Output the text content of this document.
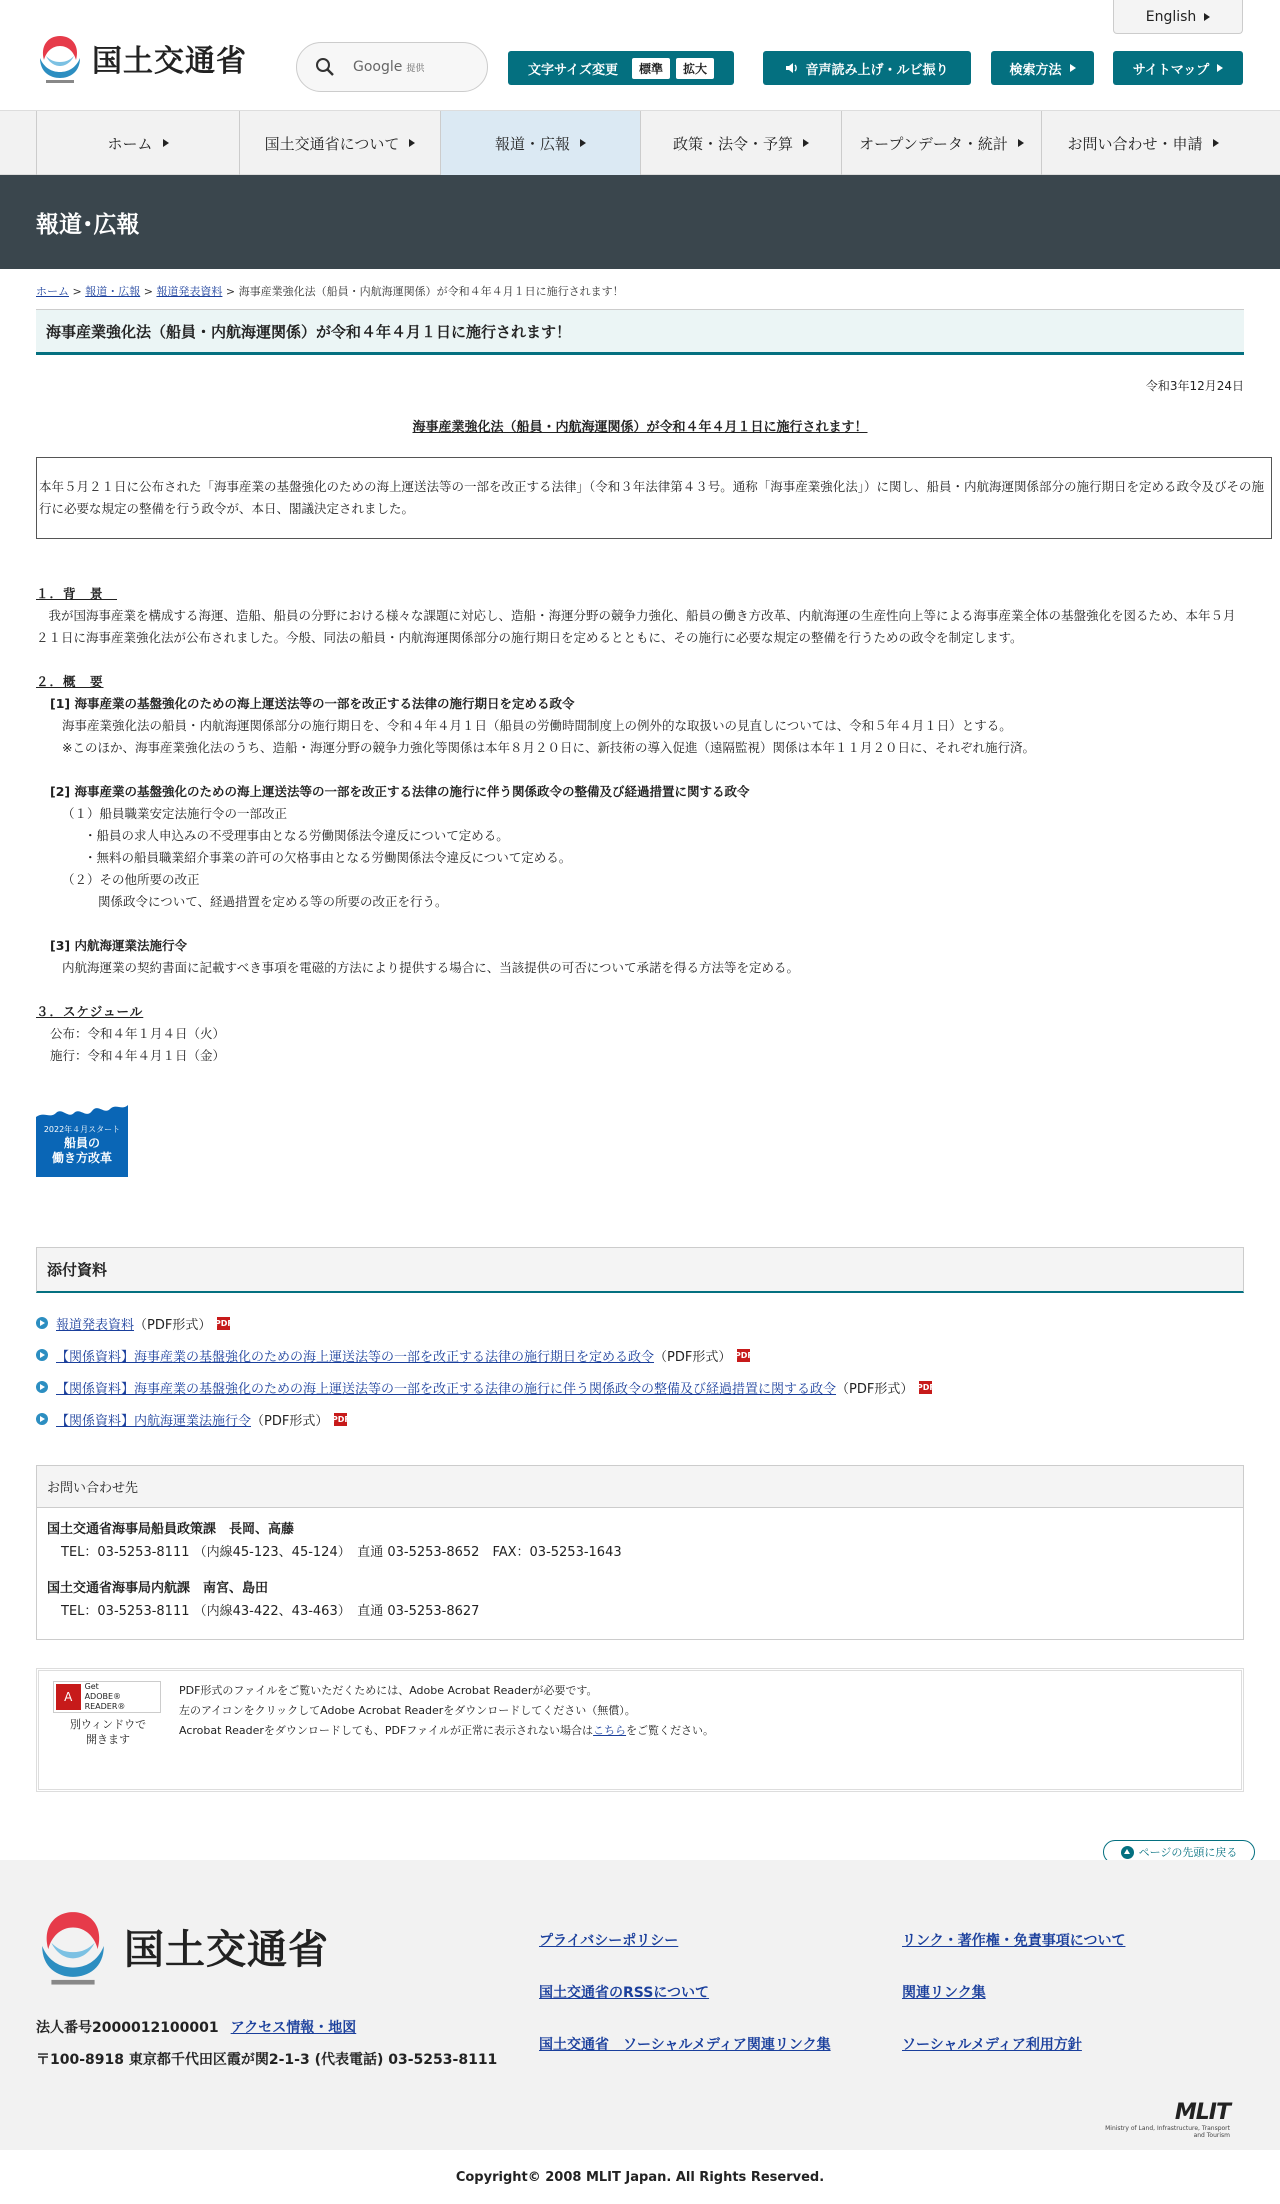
国土交通省	Google 提供
English
文字サイズ変更	標準	拡大	音声読み上げ・ルビ振り	検索方法	サイトマップ
ホーム	国土交通省について	報道・広報	政策・法令・予算	オープンデータ・統計	お問い合わせ・申請
報道･広報
ホーム > 報道・広報 > 報道発表資料 > 海事産業強化法（船員・内航海運関係）が令和４年４月１日に施行されます！
海事産業強化法（船員・内航海運関係）が令和４年４月１日に施行されます！
令和3年12月24日
海事産業強化法（船員・内航海運関係）が令和４年４月１日に施行されます！
本年５月２１日に公布された「海事産業の基盤強化のための海上運送法等の一部を改正する法律」（令和３年法律第４３号。通称「海事産業強化法」）に関し、船員・内航海運関係部分の施行期日を定める政令及びその施行に必要な規定の整備を行う政令が、本日、閣議決定されました。
１．背　景　
　我が国海事産業を構成する海運、造船、船員の分野における様々な課題に対応し、造船・海運分野の競争力強化、船員の働き方改革、内航海運の生産性向上等による海事産業全体の基盤強化を図るため、本年５月２１日に海事産業強化法が公布されました。今般、同法の船員・内航海運関係部分の施行期日を定めるとともに、その施行に必要な規定の整備を行うための政令を制定します。
２．概　要
[1] 海事産業の基盤強化のための海上運送法等の一部を改正する法律の施行期日を定める政令
海事産業強化法の船員・内航海運関係部分の施行期日を、令和４年４月１日（船員の労働時間制度上の例外的な取扱いの見直しについては、令和５年４月１日）とする。
※このほか、海事産業強化法のうち、造船・海運分野の競争力強化等関係は本年８月２０日に、新技術の導入促進（遠隔監視）関係は本年１１月２０日に、それぞれ施行済。
[2] 海事産業の基盤強化のための海上運送法等の一部を改正する法律の施行に伴う関係政令の整備及び経過措置に関する政令
（１）船員職業安定法施行令の一部改正
・船員の求人申込みの不受理事由となる労働関係法令違反について定める。
・無料の船員職業紹介事業の許可の欠格事由となる労働関係法令違反について定める。
（２）その他所要の改正
関係政令について、経過措置を定める等の所要の改正を行う。
[3] 内航海運業法施行令
内航海運業の契約書面に記載すべき事項を電磁的方法により提供する場合に、当該提供の可否について承諾を得る方法等を定める。
３．スケジュール
公布：令和４年１月４日（火）
施行：令和４年４月１日（金）
2022年４月スタート
船員の
働き方改革
添付資料
報道発表資料 （PDF形式） PDF
【関係資料】海事産業の基盤強化のための海上運送法等の一部を改正する法律の施行期日を定める政令 （PDF形式） PDF
【関係資料】海事産業の基盤強化のための海上運送法等の一部を改正する法律の施行に伴う関係政令の整備及び経過措置に関する政令 （PDF形式） PDF
【関係資料】内航海運業法施行令 （PDF形式） PDF
お問い合わせ先
国土交通省海事局船員政策課　長岡、高藤
TEL：03-5253-8111 （内線45-123、45-124）　直通 03-5253-8652　FAX：03-5253-1643
国土交通省海事局内航課　南宮、島田
TEL：03-5253-8111 （内線43-422、43-463）　直通 03-5253-8627
A
Get
ADOBE® READER®
別ウィンドウで
開きます
PDF形式のファイルをご覧いただくためには、Adobe Acrobat Readerが必要です。
左のアイコンをクリックしてAdobe Acrobat Readerをダウンロードしてください（無償）。
Acrobat Readerをダウンロードしても、PDFファイルが正常に表示されない場合はこちらをご覧ください。
ページの先頭に戻る
国土交通省
法人番号2000012100001 アクセス情報・地図
〒100-8918 東京都千代田区霞が関2-1-3 (代表電話) 03-5253-8111
プライバシーポリシー	リンク・著作権・免責事項について
国土交通省のRSSについて	関連リンク集
国土交通省　ソーシャルメディア関連リンク集	ソーシャルメディア利用方針
MLIT
Ministry of Land, Infrastructure, Transport and Tourism
Copyright© 2008 MLIT Japan. All Rights Reserved.
